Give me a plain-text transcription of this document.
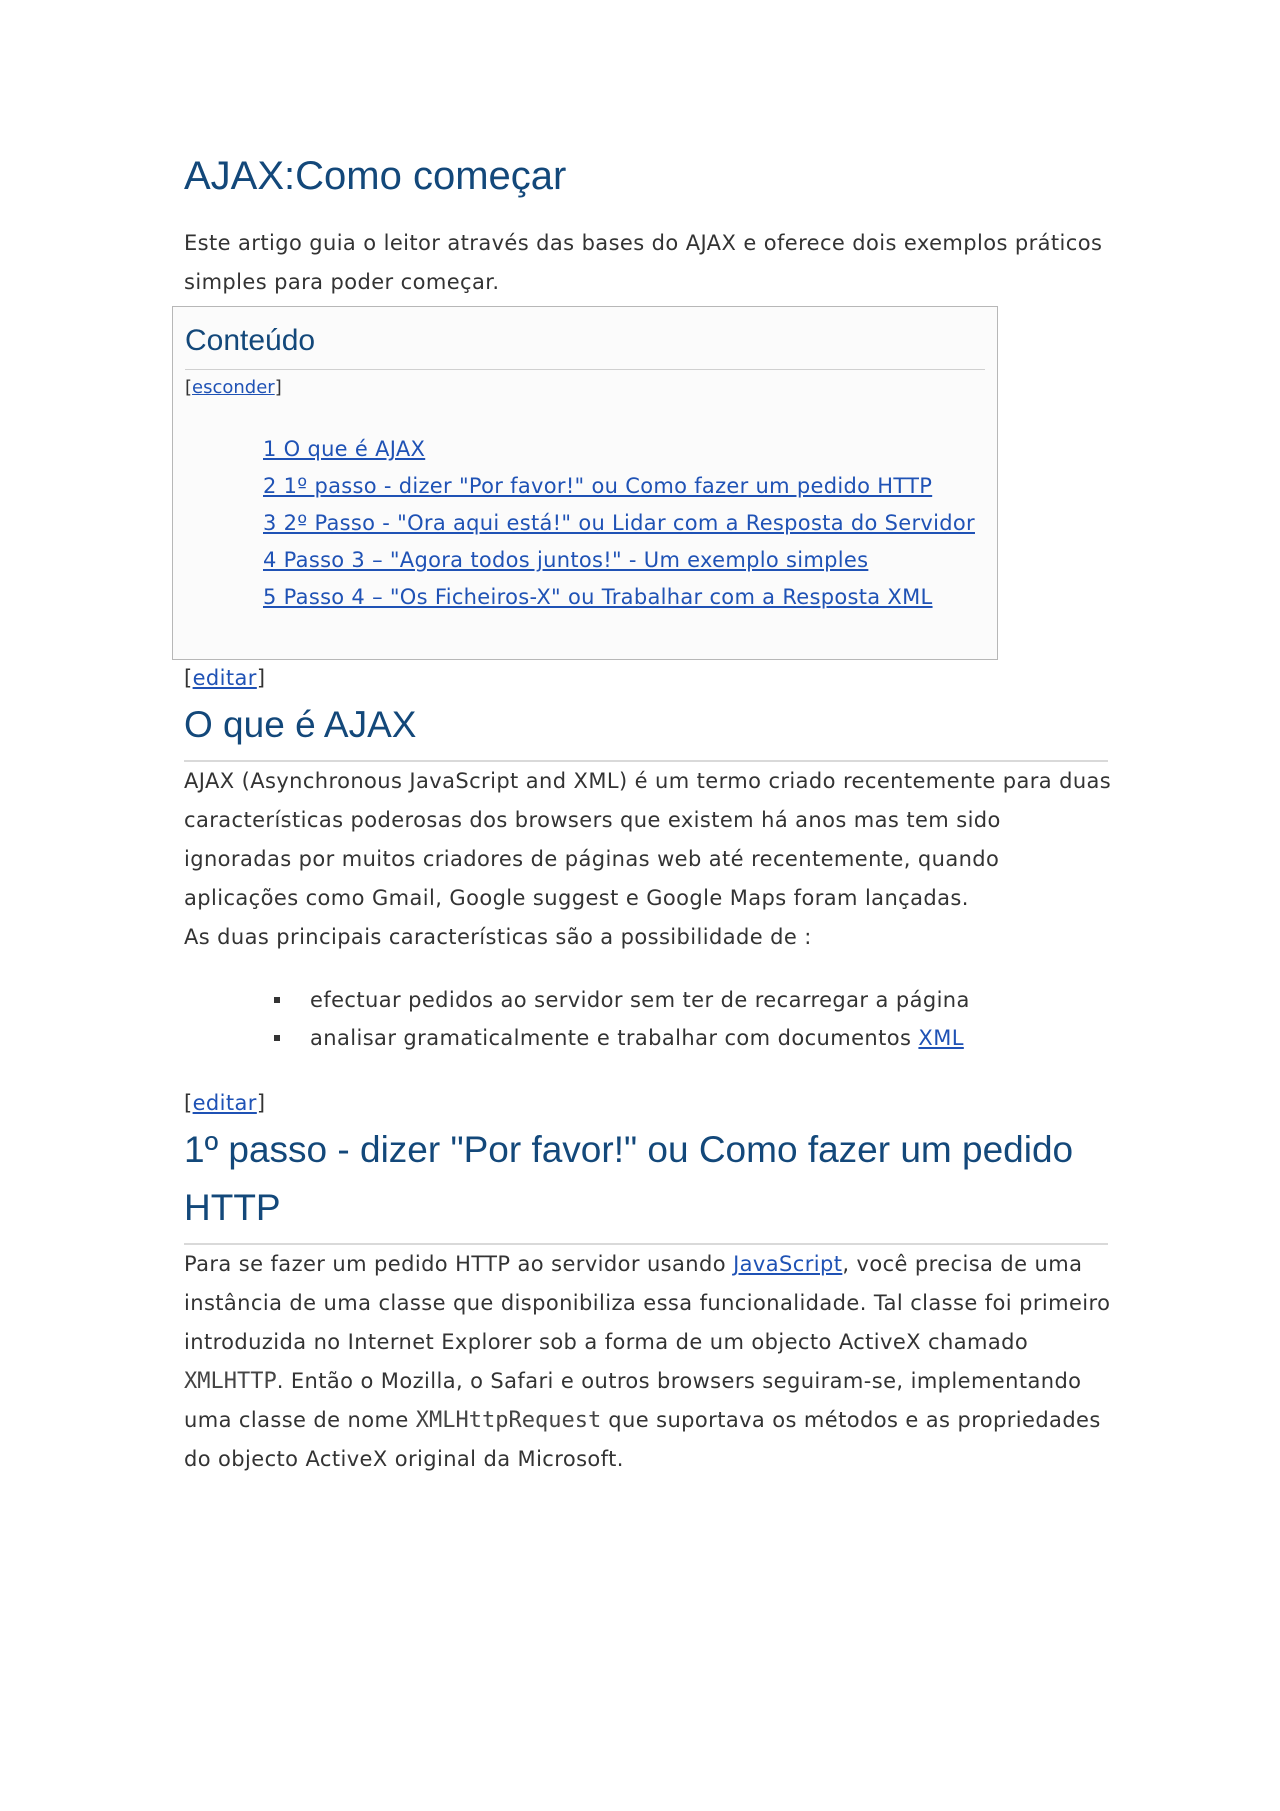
AJAX:Como começar

Este artigo guia o leitor através das bases do AJAX e oferece dois exemplos práticos simples para poder começar.

Conteúdo
[esconder]
1 O que é AJAX
2 1º passo - dizer "Por favor!" ou Como fazer um pedido HTTP
3 2º Passo - "Ora aqui está!" ou Lidar com a Resposta do Servidor
4 Passo 3 – "Agora todos juntos!" - Um exemplo simples
5 Passo 4 – "Os Ficheiros-X" ou Trabalhar com a Resposta XML
[editar]
O que é AJAX

AJAX (Asynchronous JavaScript and XML) é um termo criado recentemente para duas características poderosas dos browsers que existem há anos mas tem sido ignoradas por muitos criadores de páginas web até recentemente, quando aplicações como Gmail, Google suggest e Google Maps foram lançadas.

As duas principais características são a possibilidade de :

efectuar pedidos ao servidor sem ter de recarregar a página
analisar gramaticalmente e trabalhar com documentos XML
[editar]
1º passo - dizer "Por favor!" ou Como fazer um pedido HTTP

Para se fazer um pedido HTTP ao servidor usando JavaScript, você precisa de uma instância de uma classe que disponibiliza essa funcionalidade. Tal classe foi primeiro introduzida no Internet Explorer sob a forma de um objecto ActiveX chamado XMLHTTP. Então o Mozilla, o Safari e outros browsers seguiram-se, implementando uma classe de nome XMLHttpRequest que suportava os métodos e as propriedades do objecto ActiveX original da Microsoft.
